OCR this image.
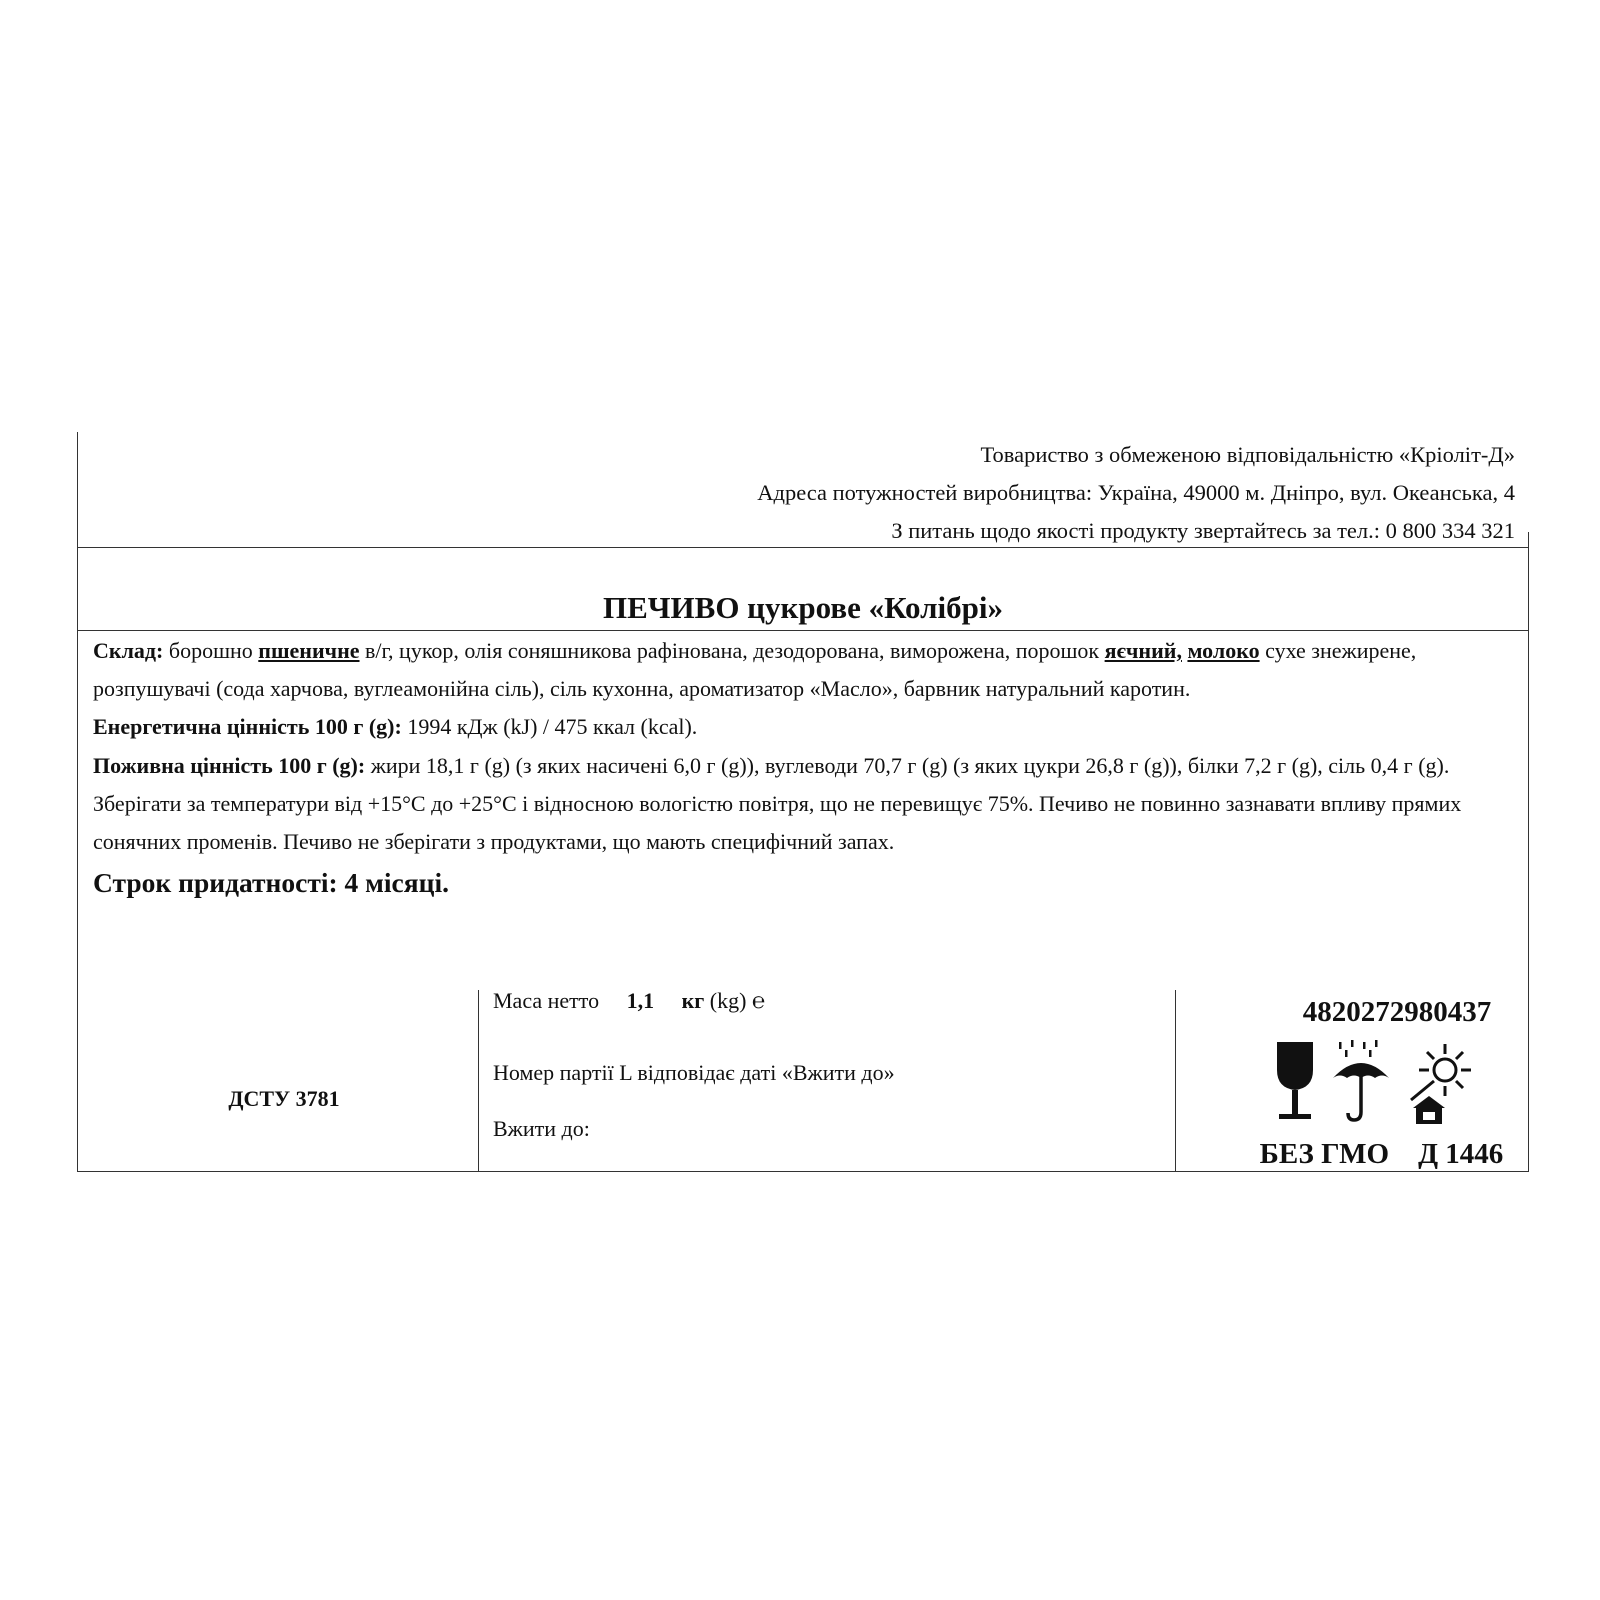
Товариство з обмеженою відповідальністю «Кріоліт-Д»
Адреса потужностей виробництва: Україна, 49000 м. Дніпро, вул. Океанська, 4
З питань щодо якості продукту звертайтесь за тел.: 0 800 334 321
ПЕЧИВО цукрове «Колібрі»

Склад: борошно пшеничне в/г, цукор, олія соняшникова рафінована, дезодорована, виморожена, порошок яєчний, молоко сухе знежирене, розпушувачі (сода харчова, вуглеамонійна сіль), сіль кухонна, ароматизатор «Масло», барвник натуральний каротин.

Енергетична цінність 100 г (g): 1994 кДж (kJ) / 475 ккал (kcal).

Поживна цінність 100 г (g): жири 18,1 г (g) (з яких насичені 6,0 г (g)), вуглеводи 70,7 г (g) (з яких цукри 26,8 г (g)), білки 7,2 г (g), сіль 0,4 г (g).

Зберігати за температури від +15°С до +25°С і відносною вологістю повітря, що не перевищує 75%. Печиво не повинно зазнавати впливу прямих сонячних променів. Печиво не зберігати з продуктами, що мають специфічний запах.

Строк придатності: 4 місяці.

ДСТУ 3781
Маса нетто 1,1 кг (kg) ℮
Номер партії L відповідає даті «Вжити до»
Вжити до:
4820272980437
БЕЗ ГМО Д 1446
